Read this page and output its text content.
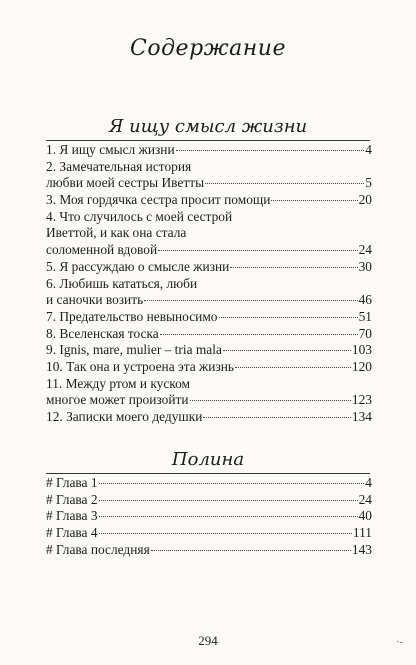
Содержание
Я ищу смысл жизни
1. Я ищу смысл жизни	4
2. Замечательная история
любви моей сестры Иветты	5
3. Моя гордячка сестра просит помощи	20
4. Что случилось с моей сестрой
Иветтой, и как она стала
соломенной вдовой	24
5. Я рассуждаю о смысле жизни	30
6. Любишь кататься, люби
и саночки возить	46
7. Предательство невыносимо	51
8. Вселенская тоска	70
9. Ignis, mare, mulier – tria mala	103
10. Так она и устроена эта жизнь	120
11. Между ртом и куском
многое может произойти	123
12. Записки моего дедушки	134
Полина
# Глава 1	4
# Глава 2	24
# Глава 3	40
# Глава 4	111
# Глава последняя	143
294	·-
